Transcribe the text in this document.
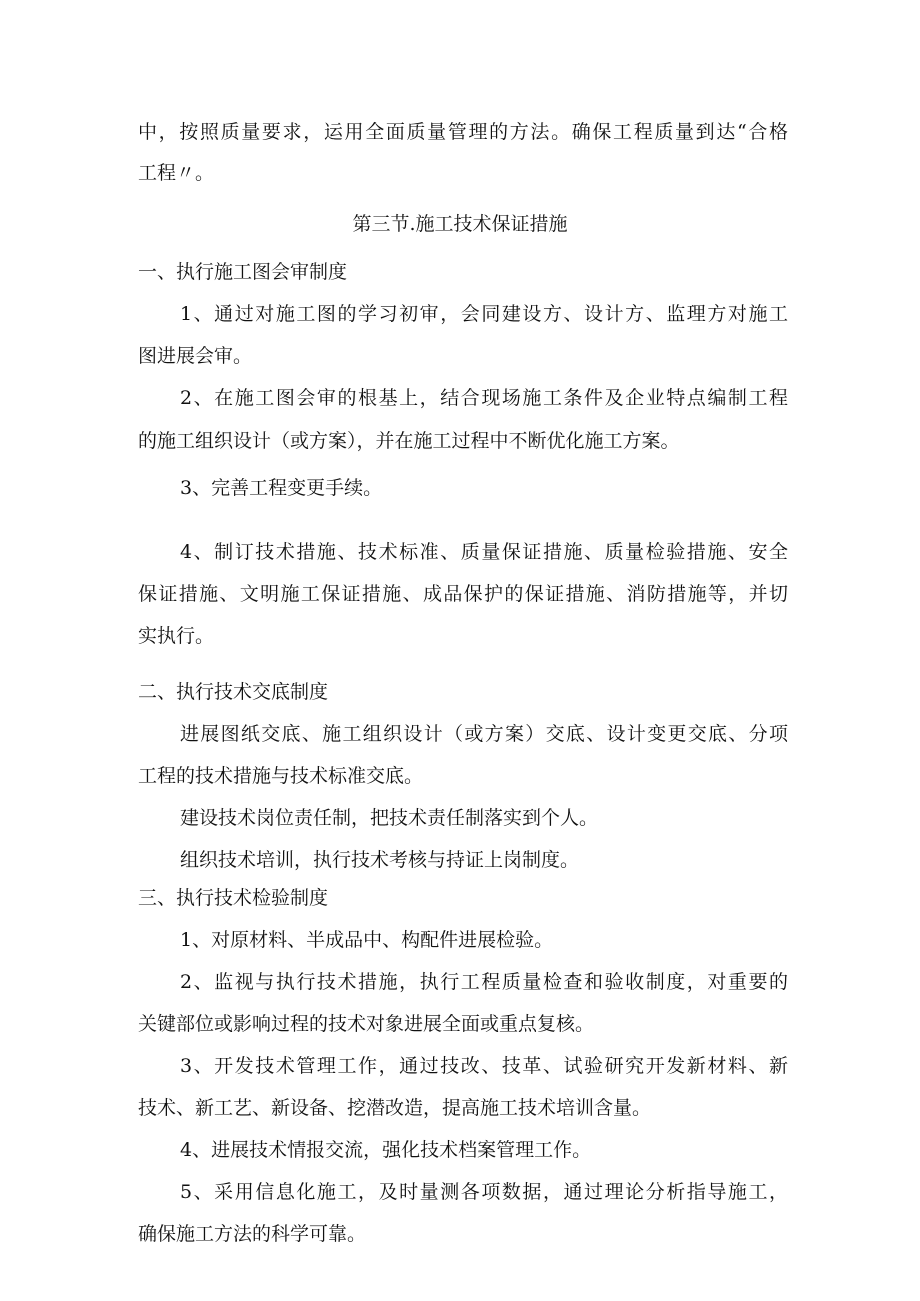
中，按照质量要求，运用全面质量管理的方法。确保工程质量到达“合格
工程〃。
第三节.施工技术保证措施
一、执行施工图会审制度
1、通过对施工图的学习初审，会同建设方、设计方、监理方对施工
图进展会审。
2、在施工图会审的根基上，结合现场施工条件及企业特点编制工程
的施工组织设计（或方案），并在施工过程中不断优化施工方案。
3、完善工程变更手续。
4、制订技术措施、技术标准、质量保证措施、质量检验措施、安全
保证措施、文明施工保证措施、成品保护的保证措施、消防措施等，并切
实执行。
二、执行技术交底制度
进展图纸交底、施工组织设计（或方案）交底、设计变更交底、分项
工程的技术措施与技术标准交底。
建设技术岗位责任制，把技术责任制落实到个人。
组织技术培训，执行技术考核与持证上岗制度。
三、执行技术检验制度
1、对原材料、半成品中、构配件进展检验。
2、监视与执行技术措施，执行工程质量检查和验收制度，对重要的
关键部位或影响过程的技术对象进展全面或重点复核。
3、开发技术管理工作，通过技改、技革、试验研究开发新材料、新
技术、新工艺、新设备、挖潜改造，提高施工技术培训含量。
4、进展技术情报交流，强化技术档案管理工作。
5、采用信息化施工，及时量测各项数据，通过理论分析指导施工，
确保施工方法的科学可靠。
